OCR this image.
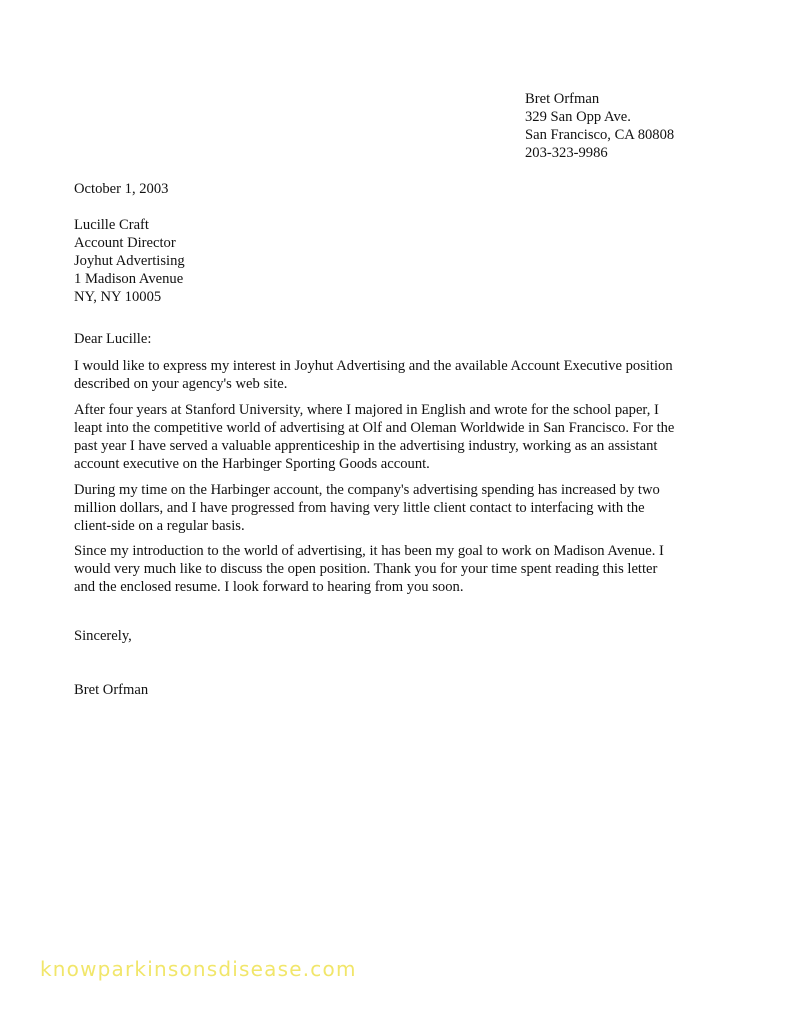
Bret Orfman
329 San Opp Ave.
San Francisco, CA 80808
203-323-9986
October 1, 2003
Lucille Craft
Account Director
Joyhut Advertising
1 Madison Avenue
NY, NY 10005
Dear Lucille:
I would like to express my interest in Joyhut Advertising and the available Account Executive position
described on your agency's web site.
After four years at Stanford University, where I majored in English and wrote for the school paper, I
leapt into the competitive world of advertising at Olf and Oleman Worldwide in San Francisco. For the
past year I have served a valuable apprenticeship in the advertising industry, working as an assistant
account executive on the Harbinger Sporting Goods account.
During my time on the Harbinger account, the company's advertising spending has increased by two
million dollars, and I have progressed from having very little client contact to interfacing with the
client-side on a regular basis.
Since my introduction to the world of advertising, it has been my goal to work on Madison Avenue. I
would very much like to discuss the open position. Thank you for your time spent reading this letter
and the enclosed resume. I look forward to hearing from you soon.
Sincerely,
Bret Orfman
knowparkinsonsdisease.com
